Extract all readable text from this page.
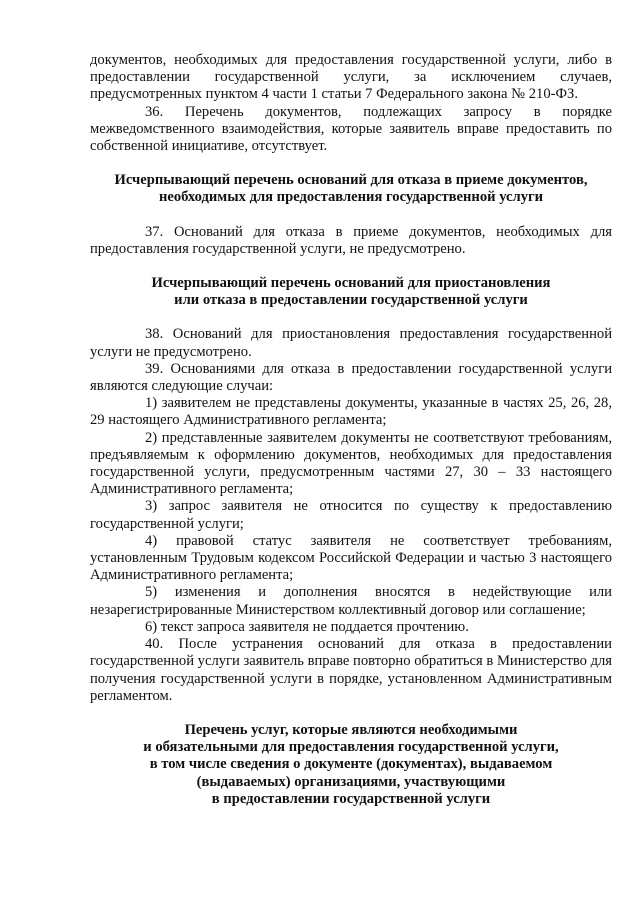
документов, необходимых для предоставления государственной услуги, либо в предоставлении государственной услуги, за исключением случаев, предусмотренных пунктом 4 части 1 статьи 7 Федерального закона № 210-ФЗ.

36. Перечень документов, подлежащих запросу в порядке межведомственного взаимодействия, которые заявитель вправе предоставить по собственной инициативе, отсутствует.

Исчерпывающий перечень оснований для отказа в приеме документов,
необходимых для предоставления государственной услуги

37. Оснований для отказа в приеме документов, необходимых для предоставления государственной услуги, не предусмотрено.

Исчерпывающий перечень оснований для приостановления
или отказа в предоставлении государственной услуги

38. Оснований для приостановления предоставления государственной услуги не предусмотрено.

39. Основаниями для отказа в предоставлении государственной услуги являются следующие случаи:

1) заявителем не представлены документы, указанные в частях 25, 26, 28, 29 настоящего Административного регламента;

2) представленные заявителем документы не соответствуют требованиям, предъявляемым к оформлению документов, необходимых для предоставления государственной услуги, предусмотренным частями 27, 30 – 33 настоящего Административного регламента;

3) запрос заявителя не относится по существу к предоставлению государственной услуги;

4) правовой статус заявителя не соответствует требованиям, установленным Трудовым кодексом Российской Федерации и частью 3 настоящего Административного регламента;

5) изменения и дополнения вносятся в недействующие или незарегистрированные Министерством коллективный договор или соглашение;

6) текст запроса заявителя не поддается прочтению.

40. После устранения оснований для отказа в предоставлении государственной услуги заявитель вправе повторно обратиться в Министерство для получения государственной услуги в порядке, установленном Административным регламентом.

Перечень услуг, которые являются необходимыми
и обязательными для предоставления государственной услуги,
в том числе сведения о документе (документах), выдаваемом
(выдаваемых) организациями, участвующими
в предоставлении государственной услуги
